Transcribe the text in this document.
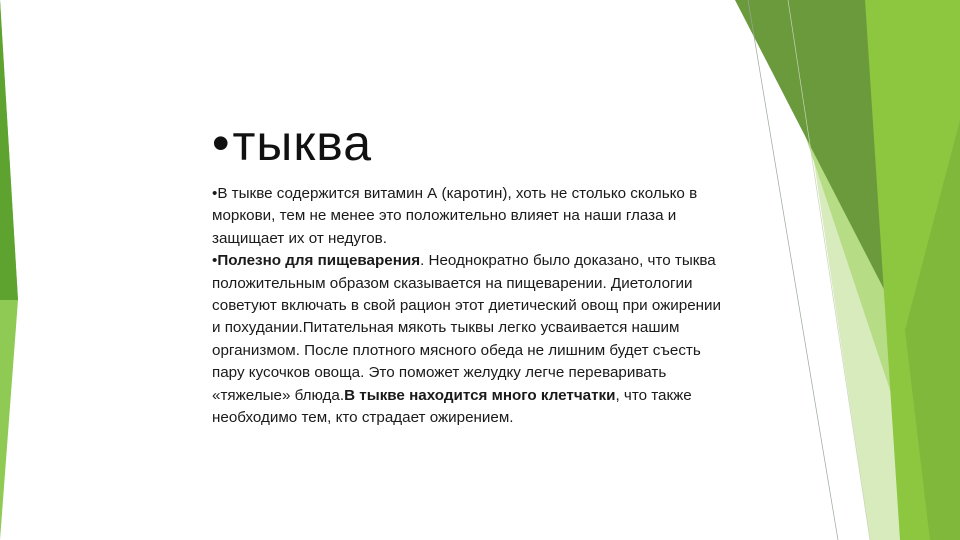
•тыква

•В тыкве содержится витамин А (каротин), хоть не столько сколько в моркови, тем не менее это положительно влияет на наши глаза и защищает их от недугов.

•Полезно для пищеварения. Неоднократно было доказано, что тыква положительным образом сказывается на пищеварении. Диетологии советуют включать в свой рацион этот диетический овощ при ожирении и похудании.Питательная мякоть тыквы легко усваивается нашим организмом. После плотного мясного обеда не лишним будет съесть пару кусочков овоща. Это поможет желудку легче переваривать «тяжелые» блюда.В тыкве находится много клетчатки, что также необходимо тем, кто страдает ожирением.
